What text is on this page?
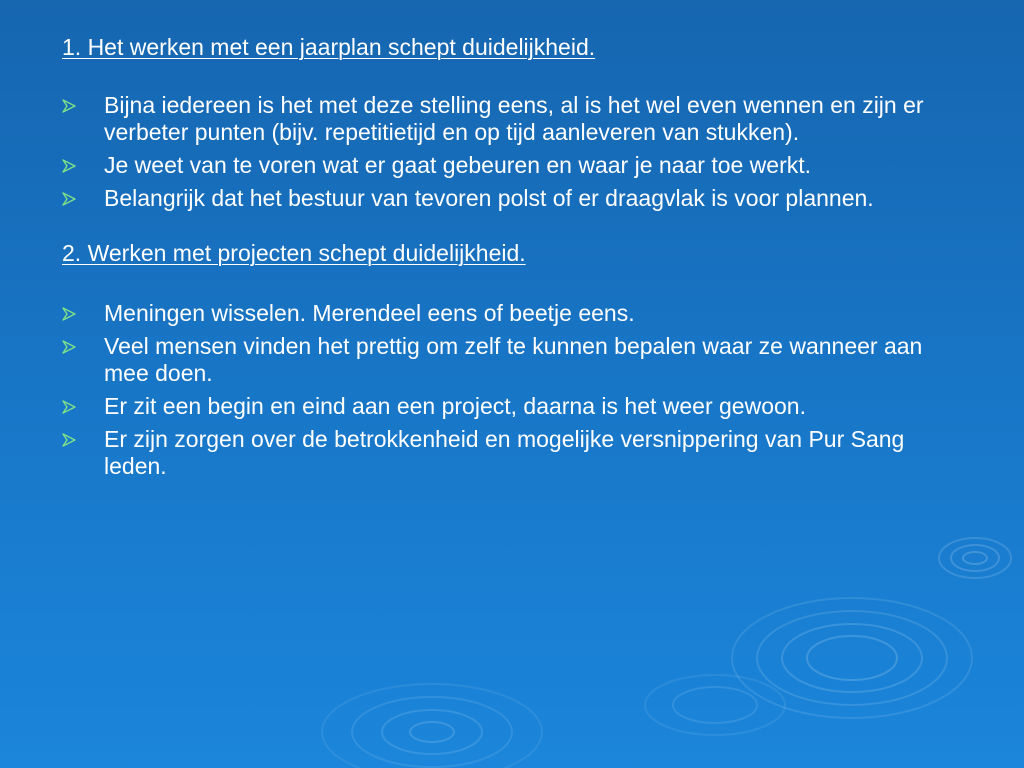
1. Het werken met een jaarplan schept duidelijkheid.

Bijna iedereen is het met deze stelling eens, al is het wel even wennen en zijn er verbeter punten (bijv. repetitietijd en op tijd aanleveren van stukken).
Je weet van te voren wat er gaat gebeuren en waar je naar toe werkt.
Belangrijk dat het bestuur van tevoren polst of er draagvlak is voor plannen.

2. Werken met projecten schept duidelijkheid.

Meningen wisselen. Merendeel eens of beetje eens.
Veel mensen vinden het prettig om zelf te kunnen bepalen waar ze wanneer aan mee doen.
Er zit een begin en eind aan een project, daarna is het weer gewoon.
Er zijn zorgen over de betrokkenheid en mogelijke versnippering van Pur Sang leden.
